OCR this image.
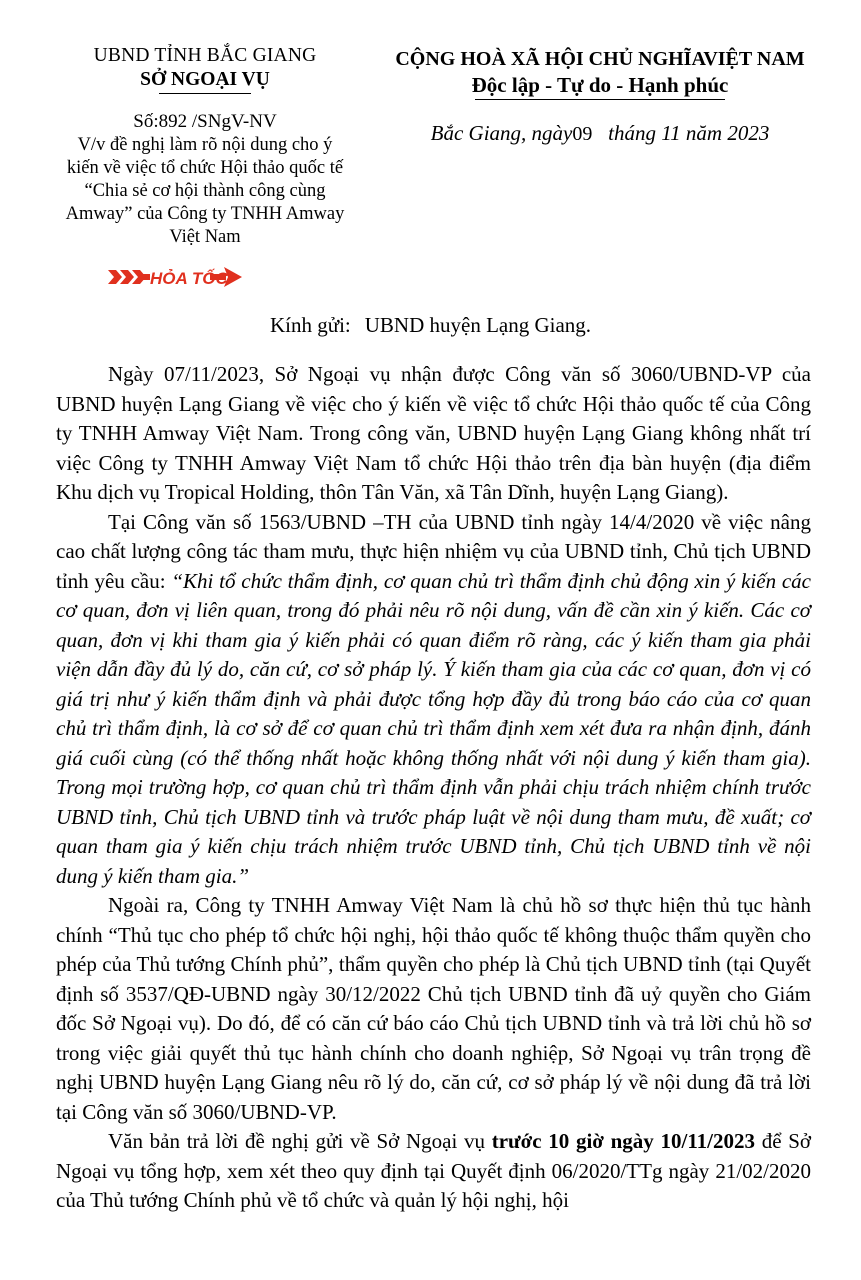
UBND TỈNH BẮC GIANG
SỞ NGOẠI VỤ
Số:892 /SNgV-NV
V/v đề nghị làm rõ nội dung cho ý kiến về việc tổ chức Hội thảo quốc tế “Chia sẻ cơ hội thành công cùng Amway” của Công ty TNHH Amway Việt Nam
HỎA TỐC
CỘNG HOÀ XÃ HỘI CHỦ NGHĨAVIỆT NAM
Độc lập - Tự do - Hạnh phúc
Bắc Giang, ngày09 tháng 11 năm 2023
Kính gửi: UBND huyện Lạng Giang.

Ngày 07/11/2023, Sở Ngoại vụ nhận được Công văn số 3060/UBND-VP của UBND huyện Lạng Giang về việc cho ý kiến về việc tổ chức Hội thảo quốc tế của Công ty TNHH Amway Việt Nam. Trong công văn, UBND huyện Lạng Giang không nhất trí việc Công ty TNHH Amway Việt Nam tổ chức Hội thảo trên địa bàn huyện (địa điểm Khu dịch vụ Tropical Holding, thôn Tân Văn, xã Tân Dĩnh, huyện Lạng Giang).

Tại Công văn số 1563/UBND –TH của UBND tỉnh ngày 14/4/2020 về việc nâng cao chất lượng công tác tham mưu, thực hiện nhiệm vụ của UBND tỉnh, Chủ tịch UBND tỉnh yêu cầu: “Khi tổ chức thẩm định, cơ quan chủ trì thẩm định chủ động xin ý kiến các cơ quan, đơn vị liên quan, trong đó phải nêu rõ nội dung, vấn đề cần xin ý kiến. Các cơ quan, đơn vị khi tham gia ý kiến phải có quan điểm rõ ràng, các ý kiến tham gia phải viện dẫn đầy đủ lý do, căn cứ, cơ sở pháp lý. Ý kiến tham gia của các cơ quan, đơn vị có giá trị như ý kiến thẩm định và phải được tổng hợp đầy đủ trong báo cáo của cơ quan chủ trì thẩm định, là cơ sở để cơ quan chủ trì thẩm định xem xét đưa ra nhận định, đánh giá cuối cùng (có thể thống nhất hoặc không thống nhất với nội dung ý kiến tham gia). Trong mọi trường hợp, cơ quan chủ trì thẩm định vẫn phải chịu trách nhiệm chính trước UBND tỉnh, Chủ tịch UBND tỉnh và trước pháp luật về nội dung tham mưu, đề xuất; cơ quan tham gia ý kiến chịu trách nhiệm trước UBND tỉnh, Chủ tịch UBND tỉnh về nội dung ý kiến tham gia.”

Ngoài ra, Công ty TNHH Amway Việt Nam là chủ hồ sơ thực hiện thủ tục hành chính “Thủ tục cho phép tổ chức hội nghị, hội thảo quốc tế không thuộc thẩm quyền cho phép của Thủ tướng Chính phủ”, thẩm quyền cho phép là Chủ tịch UBND tỉnh (tại Quyết định số 3537/QĐ-UBND ngày 30/12/2022 Chủ tịch UBND tỉnh đã uỷ quyền cho Giám đốc Sở Ngoại vụ). Do đó, để có căn cứ báo cáo Chủ tịch UBND tỉnh và trả lời chủ hồ sơ trong việc giải quyết thủ tục hành chính cho doanh nghiệp, Sở Ngoại vụ trân trọng đề nghị UBND huyện Lạng Giang nêu rõ lý do, căn cứ, cơ sở pháp lý về nội dung đã trả lời tại Công văn số 3060/UBND-VP.

Văn bản trả lời đề nghị gửi về Sở Ngoại vụ trước 10 giờ ngày 10/11/2023 để Sở Ngoại vụ tổng hợp, xem xét theo quy định tại Quyết định 06/2020/TTg ngày 21/02/2020 của Thủ tướng Chính phủ về tổ chức và quản lý hội nghị, hội
